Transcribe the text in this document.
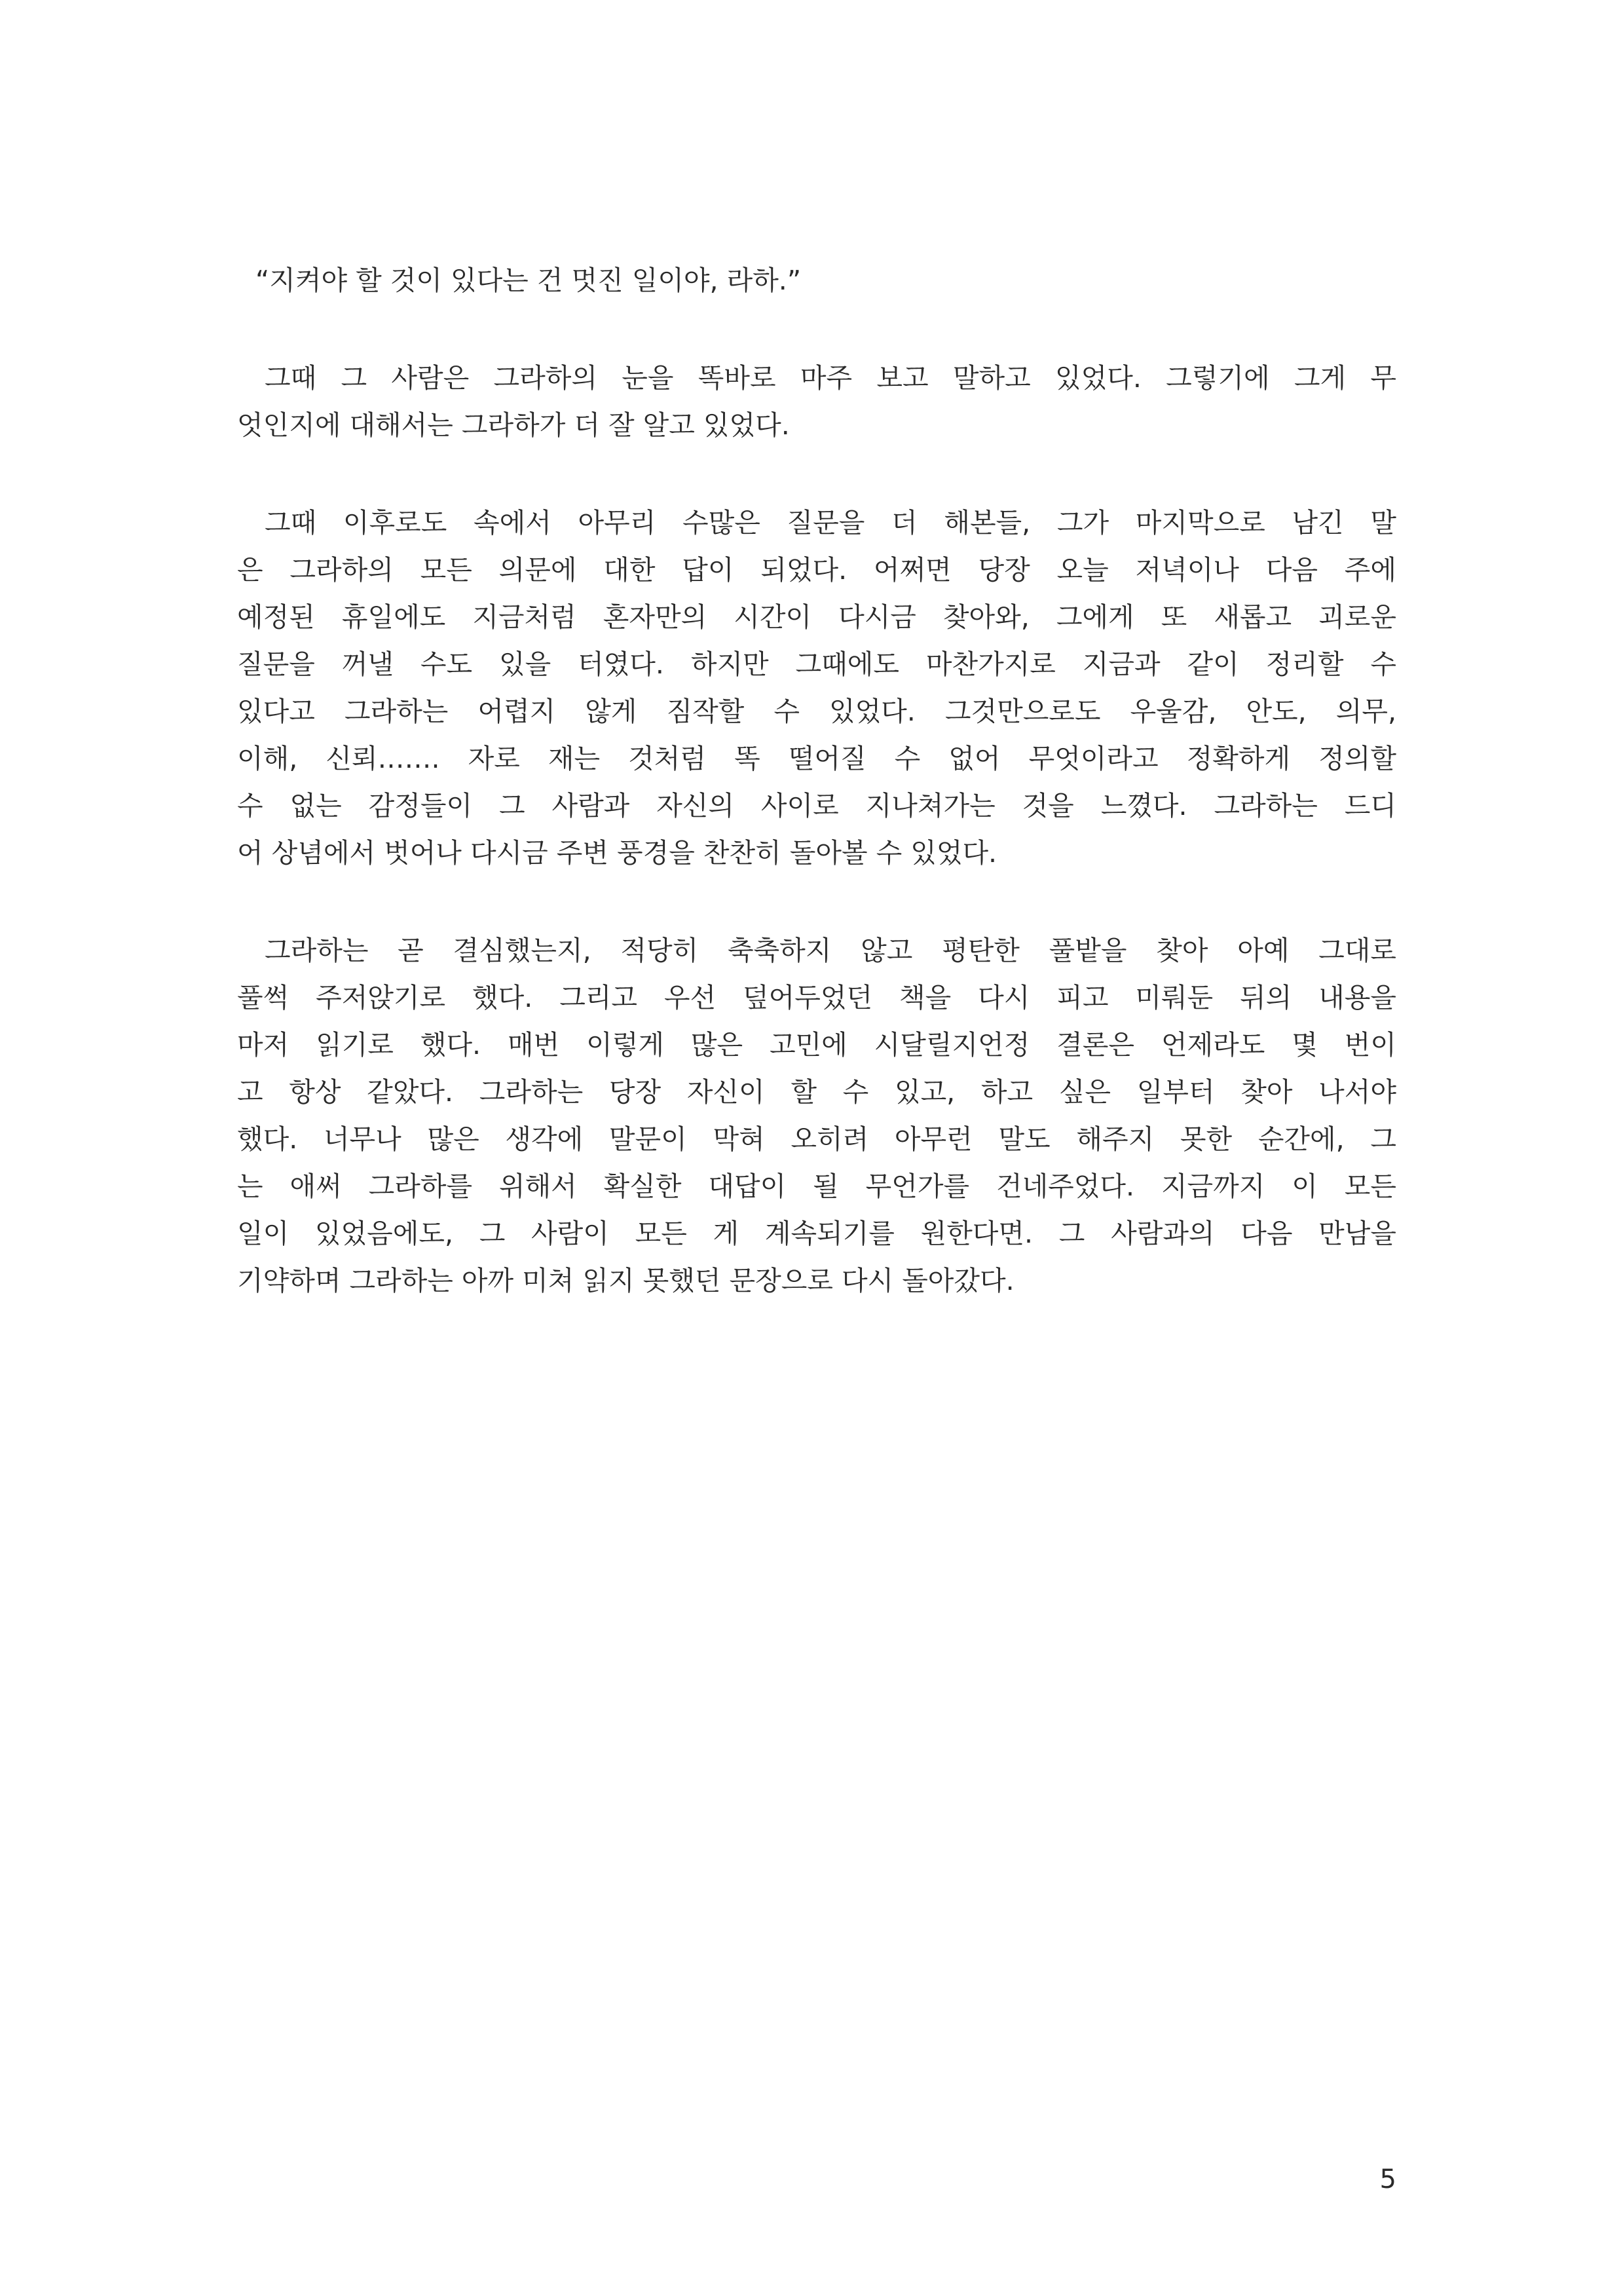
“지켜야 할 것이 있다는 건 멋진 일이야, 라하.”

그때 그 사람은 그라하의 눈을 똑바로 마주 보고 말하고 있었다. 그렇기에 그게 무
엇인지에 대해서는 그라하가 더 잘 알고 있었다.

그때 이후로도 속에서 아무리 수많은 질문을 더 해본들, 그가 마지막으로 남긴 말
은 그라하의 모든 의문에 대한 답이 되었다. 어쩌면 당장 오늘 저녁이나 다음 주에
예정된 휴일에도 지금처럼 혼자만의 시간이 다시금 찾아와, 그에게 또 새롭고 괴로운
질문을 꺼낼 수도 있을 터였다. 하지만 그때에도 마찬가지로 지금과 같이 정리할 수
있다고 그라하는 어렵지 않게 짐작할 수 있었다. 그것만으로도 우울감, 안도, 의무,
이해, 신뢰……. 자로 재는 것처럼 똑 떨어질 수 없어 무엇이라고 정확하게 정의할
수 없는 감정들이 그 사람과 자신의 사이로 지나쳐가는 것을 느꼈다. 그라하는 드디
어 상념에서 벗어나 다시금 주변 풍경을 찬찬히 돌아볼 수 있었다.

그라하는 곧 결심했는지, 적당히 축축하지 않고 평탄한 풀밭을 찾아 아예 그대로
풀썩 주저앉기로 했다. 그리고 우선 덮어두었던 책을 다시 피고 미뤄둔 뒤의 내용을
마저 읽기로 했다. 매번 이렇게 많은 고민에 시달릴지언정 결론은 언제라도 몇 번이
고 항상 같았다. 그라하는 당장 자신이 할 수 있고, 하고 싶은 일부터 찾아 나서야
했다. 너무나 많은 생각에 말문이 막혀 오히려 아무런 말도 해주지 못한 순간에, 그
는 애써 그라하를 위해서 확실한 대답이 될 무언가를 건네주었다. 지금까지 이 모든
일이 있었음에도, 그 사람이 모든 게 계속되기를 원한다면. 그 사람과의 다음 만남을
기약하며 그라하는 아까 미쳐 읽지 못했던 문장으로 다시 돌아갔다.

5
